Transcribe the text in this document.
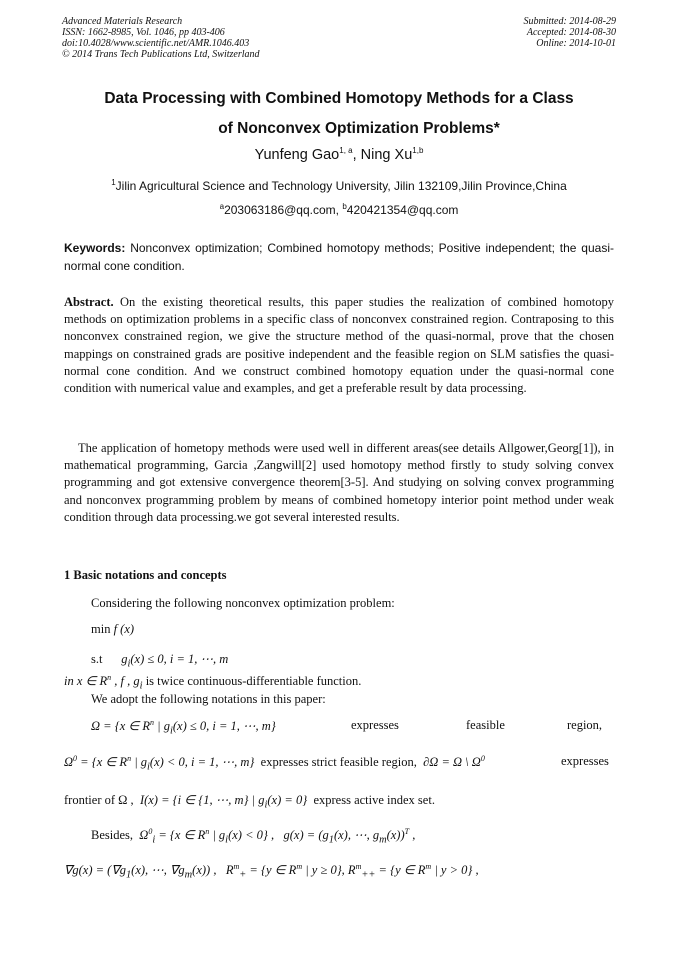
Advanced Materials Research
ISSN: 1662-8985, Vol. 1046, pp 403-406
doi:10.4028/www.scientific.net/AMR.1046.403
© 2014 Trans Tech Publications Ltd, Switzerland
Submitted: 2014-08-29
Accepted: 2014-08-30
Online: 2014-10-01
Data Processing with Combined Homotopy Methods for a Class
of Nonconvex Optimization Problems*
Yunfeng Gao$^{1, a}$, Ning Xu$^{1,b}$
$^1$Jilin Agricultural Science and Technology University, Jilin 132109,Jilin Province,China
$^a$203063186@qq.com, $^b$420421354@qq.com
Keywords: Nonconvex optimization; Combined homotopy methods; Positive independent; the quasi-normal cone condition.
Abstract. On the existing theoretical results, this paper studies the realization of combined homotopy methods on optimization problems in a specific class of nonconvex constrained region. Contraposing to this nonconvex constrained region, we give the structure method of the quasi-normal, prove that the chosen mappings on constrained grads are positive independent and the feasible region on SLM satisfies the quasi-normal cone condition. And we construct combined homotopy equation under the quasi-normal cone condition with numerical value and examples, and get a preferable result by data processing.
The application of hometopy methods were used well in different areas(see details Allgower,Georg[1]), in mathematical programming, Garcia ,Zangwill[2] used homotopy method firstly to study solving convex programming and got extensive convergence theorem[3-5]. And studying on solving convex programming and nonconvex programming problem by means of combined hometopy interior point method under weak condition through data processing.we got several interested results.
1 Basic notations and concepts
Considering the following nonconvex optimization problem:
min f (x)
s.t $g_i(x) \le 0$, i = 1, ⋯, m
in x ∈ $R^n$ , f , $g_i$ is twice continuous-differentiable function.
We adopt the following notations in this paper:
Ω = {x ∈ $R^n$ | $g_i(x) \le 0$, i = 1, ⋯, m}	expresses	feasible	region,
$\Omega^0 = \{x$ ∈ $R^n$ | $g_i(x) < 0$, i = 1, ⋯, m} expresses strict feasible region, ∂Ω = Ω \ $\Omega^0$	expresses
frontier of Ω , I(x) = {i ∈ {1, ⋯, m} | $g_i(x) = 0$} express active index set.
Besides, $\Omega^0_i = \{x$ ∈ $R^n$ | $g_i(x) < 0$} , $g(x) = (g_1(x)$, ⋯, $g_m(x))^T$ ,
$\nabla g(x) = (\nabla g_1(x)$, ⋯, $\nabla g_m(x)$) , $R^m_+ = \{y$ ∈ $R^m$ | y ≥ 0}, $R^m_{++} = \{y$ ∈ $R^m$ | y > 0} ,
